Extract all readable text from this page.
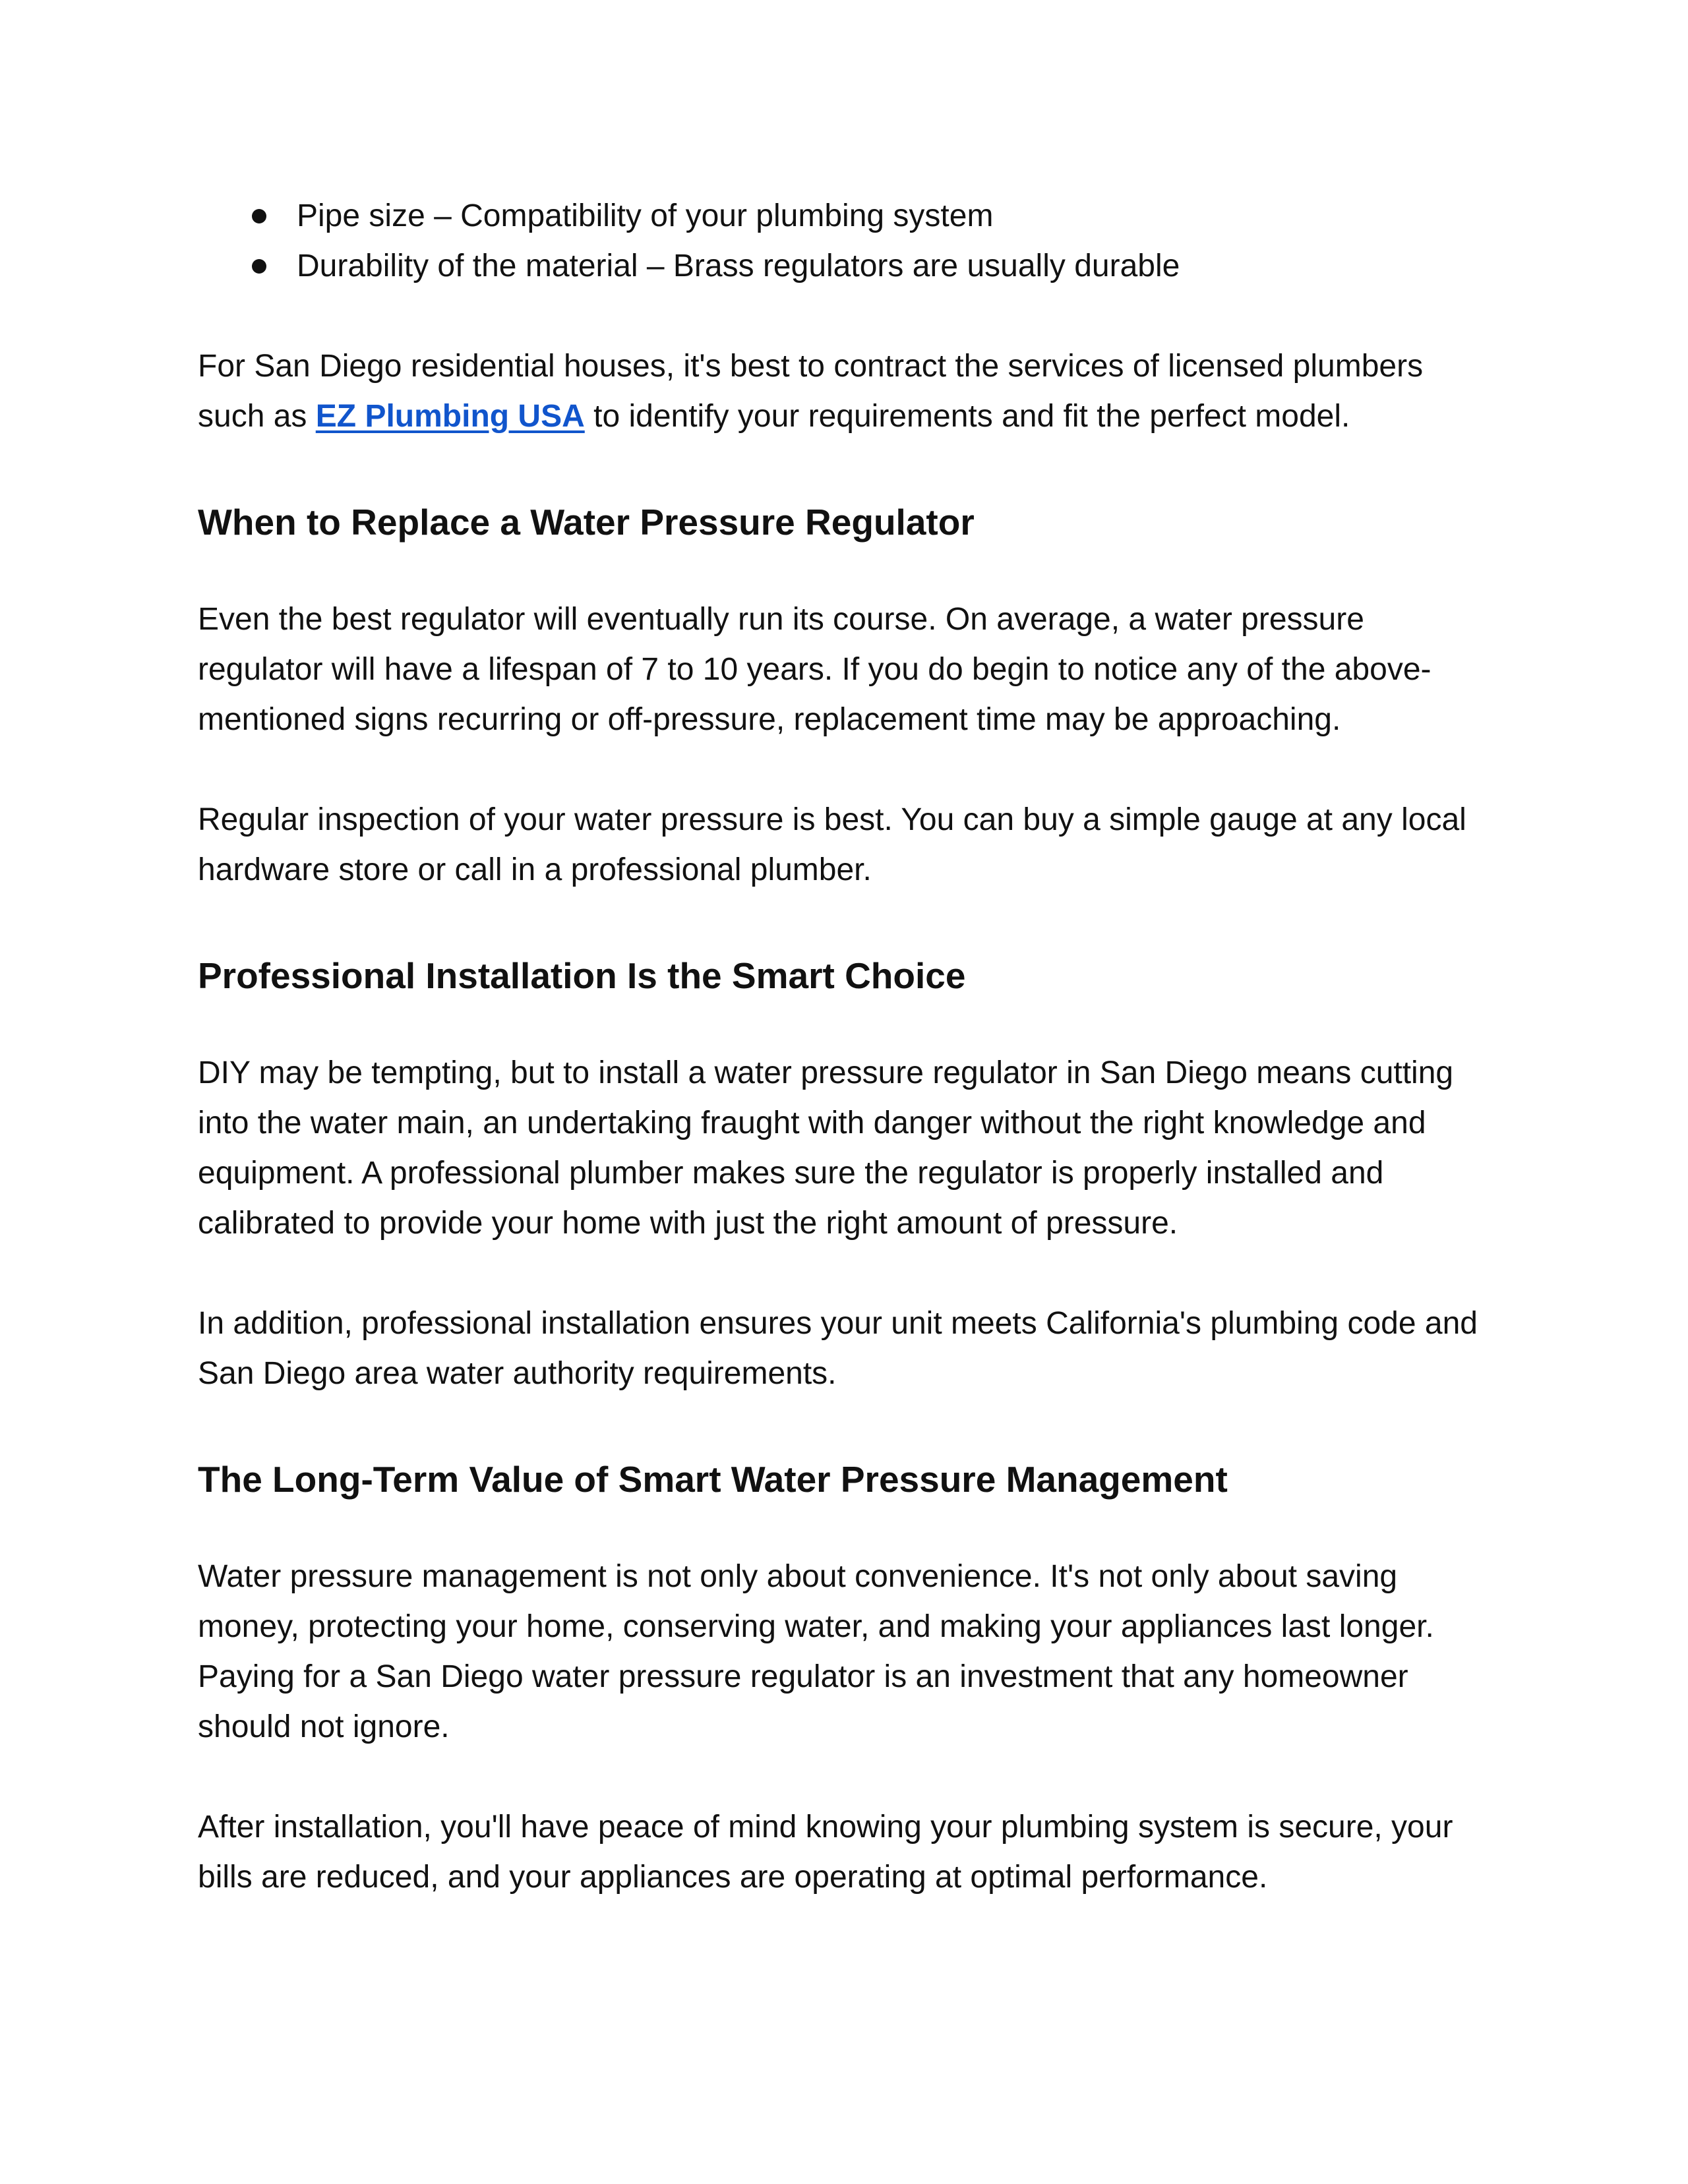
Pipe size – Compatibility of your plumbing system
Durability of the material – Brass regulators are usually durable

For San Diego residential houses, it's best to contract the services of licensed plumbers such as EZ Plumbing USA to identify your requirements and fit the perfect model.

When to Replace a Water Pressure Regulator

Even the best regulator will eventually run its course. On average, a water pressure regulator will have a lifespan of 7 to 10 years. If you do begin to notice any of the above-mentioned signs recurring or off-pressure, replacement time may be approaching.

Regular inspection of your water pressure is best. You can buy a simple gauge at any local hardware store or call in a professional plumber.

Professional Installation Is the Smart Choice

DIY may be tempting, but to install a water pressure regulator in San Diego means cutting into the water main, an undertaking fraught with danger without the right knowledge and equipment. A professional plumber makes sure the regulator is properly installed and calibrated to provide your home with just the right amount of pressure.

In addition, professional installation ensures your unit meets California's plumbing code and San Diego area water authority requirements.

The Long-Term Value of Smart Water Pressure Management

Water pressure management is not only about convenience. It's not only about saving money, protecting your home, conserving water, and making your appliances last longer. Paying for a San Diego water pressure regulator is an investment that any homeowner should not ignore.

After installation, you'll have peace of mind knowing your plumbing system is secure, your bills are reduced, and your appliances are operating at optimal performance.
